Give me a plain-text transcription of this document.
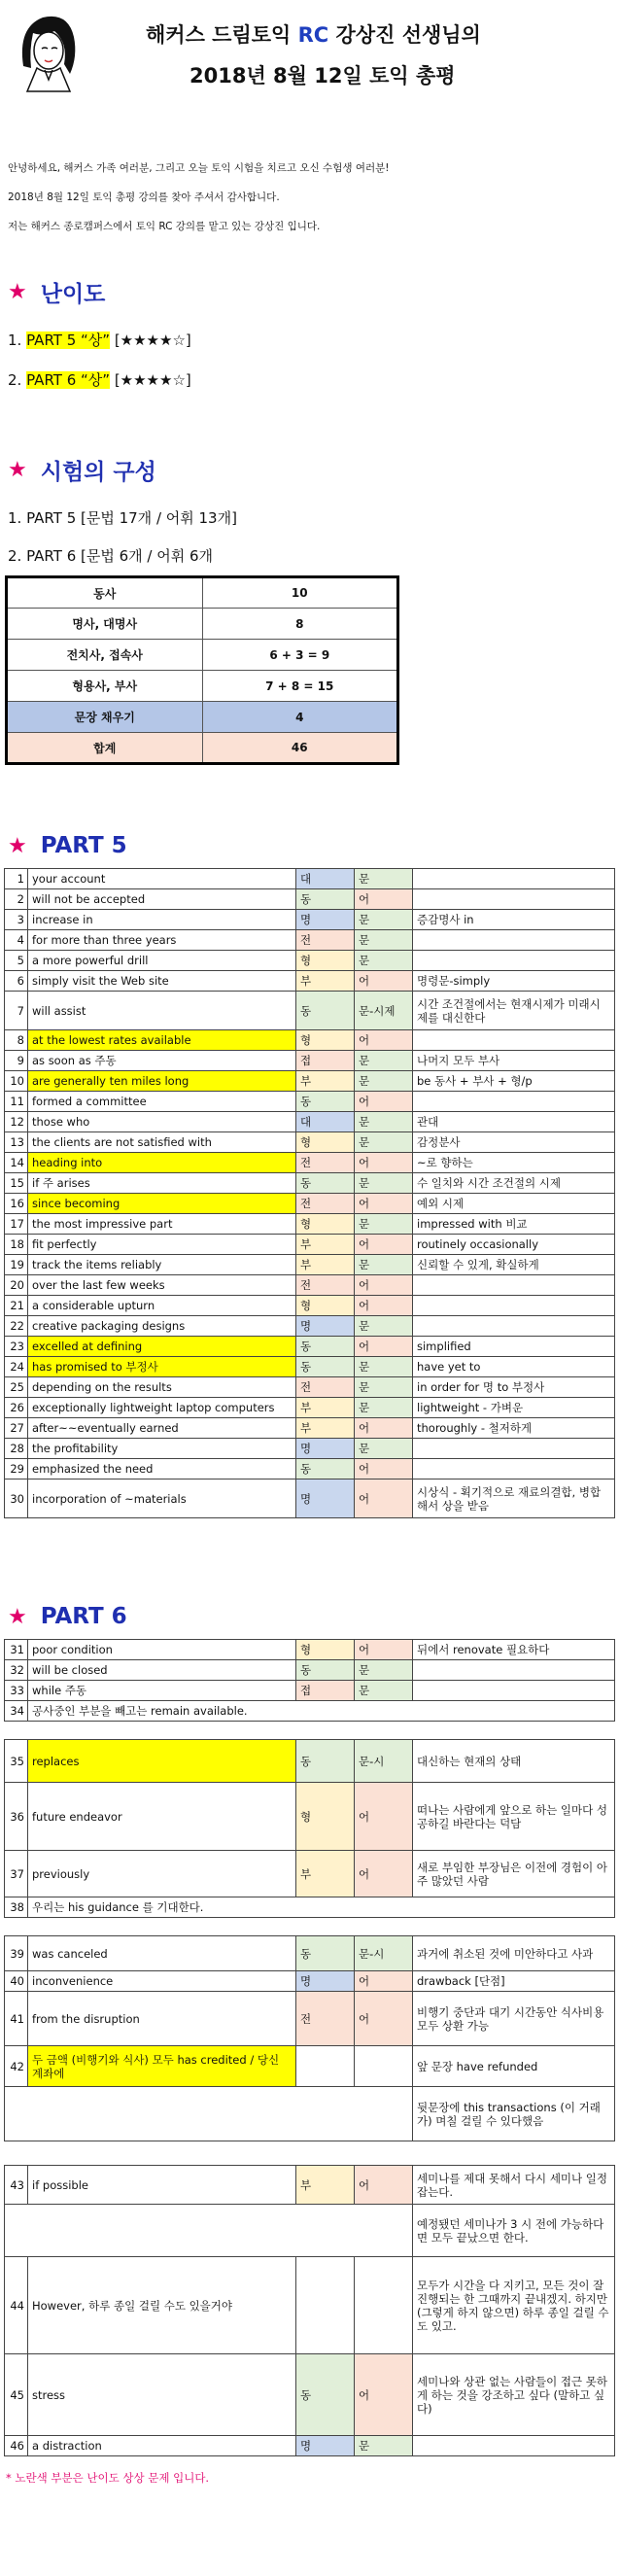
해커스 드림토익 RC 강상진 선생님의
2018년 8월 12일 토익 총평
안녕하세요, 해커스 가족 여러분, 그리고 오늘 토익 시험을 치르고 오신 수험생 여러분!
2018년 8월 12일 토익 총평 강의를 찾아 주셔서 감사합니다.
저는 해커스 종로캠퍼스에서 토익 RC 강의를 맡고 있는 강상진 입니다.
★ 난이도
1. PART 5 “상” [★★★★☆]
2. PART 6 “상” [★★★★☆]
★ 시험의 구성
1. PART 5 [문법 17개 / 어휘 13개]
2. PART 6 [문법 6개 / 어휘 6개
동사	10
명사, 대명사	8
전치사, 접속사	6 + 3 = 9
형용사, 부사	7 + 8 = 15
문장 채우기	4
합계	46
★ PART 5
1	your account	대	문	
2	will not be accepted	동	어	
3	increase in	명	문	증감명사 in
4	for more than three years	전	문	
5	a more powerful drill	형	문	
6	simply visit the Web site	부	어	명령문-simply
7	will assist	동	문-시제	시간 조건절에서는 현재시제가 미래시제를 대신한다
8	at the lowest rates available	형	어	
9	as soon as 주동	접	문	나머지 모두 부사
10	are generally ten miles long	부	문	be 동사 + 부사 + 형/p
11	formed a committee	동	어	
12	those who	대	문	관대
13	the clients are not satisfied with	형	문	감정분사
14	heading into	전	어	~로 향하는
15	if 주 arises	동	문	수 일치와 시간 조건절의 시제
16	since becoming	전	어	예외 시제
17	the most impressive part	형	문	impressed with 비교
18	fit perfectly	부	어	routinely occasionally
19	track the items reliably	부	문	신뢰할 수 있게, 확실하게
20	over the last few weeks	전	어	
21	a considerable upturn	형	어	
22	creative packaging designs	명	문	
23	excelled at defining	동	어	simplified
24	has promised to 부정사	동	문	have yet to
25	depending on the results	전	문	in order for 명 to 부정사
26	exceptionally lightweight laptop computers	부	문	lightweight - 가벼운
27	after~~eventually earned	부	어	thoroughly - 철저하게
28	the profitability	명	문	
29	emphasized the need	동	어	
30	incorporation of ~materials	명	어	시상식 - 획기적으로 재료의결합, 병합해서 상을 받음
★ PART 6
31	poor condition	형	어	뒤에서 renovate 필요하다
32	will be closed	동	문	
33	while 주동	접	문	
34	공사중인 부분을 빼고는 remain available.			
35	replaces	동	문-시	대신하는 현재의 상태
36	future endeavor	형	어	떠나는 사람에게 앞으로 하는 일마다 성공하길 바란다는 덕담
37	previously	부	어	새로 부임한 부장님은 이전에 경험이 아주 많았던 사람
38	우리는 his guidance 를 기대한다.			
39	was canceled	동	문-시	과거에 취소된 것에 미안하다고 사과
40	inconvenience	명	어	drawback [단점]
41	from the disruption	전	어	비행기 중단과 대기 시간동안 식사비용 모두 상환 가능
42	두 금액 (비행기와 식사) 모두 has credited / 당신 계좌에			앞 문장 have refunded
				뒷문장에 this transactions (이 거래가) 며칠 걸릴 수 있다했음
43	if possible	부	어	세미나를 제대 못해서 다시 세미나 일정 잡는다.
				예정됐던 세미나가 3 시 전에 가능하다면 모두 끝났으면 한다.
44	However, 하루 종일 걸릴 수도 있을거야			모두가 시간을 다 지키고, 모든 것이 잘 진행되는 한 그때까지 끝내겠지. 하지만 (그렇게 하지 않으면) 하루 종일 걸릴 수도 있고.
45	stress	동	어	세미나와 상관 없는 사람들이 접근 못하게 하는 것을 강조하고 싶다 (말하고 싶다)
46	a distraction	명	문	
* 노란색 부분은 난이도 상상 문제 입니다.
